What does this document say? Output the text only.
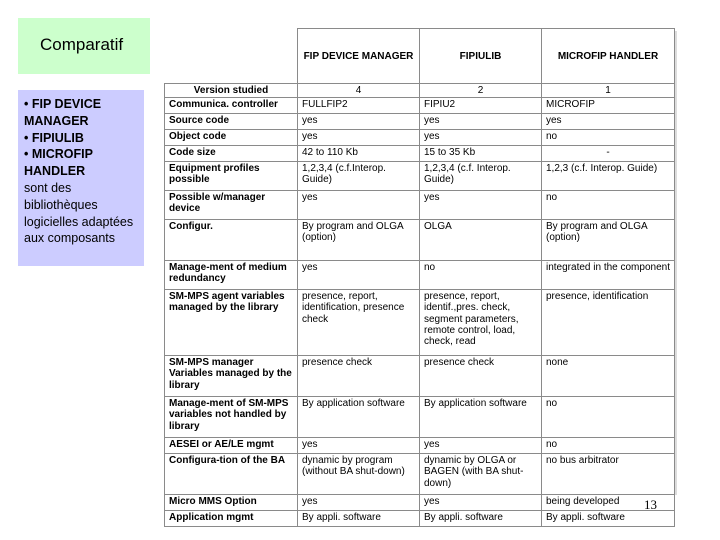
Comparatif
• FIP DEVICE MANAGER
• FIPIULIB
• MICROFIP HANDLER
sont des bibliothèques logicielles adaptées aux composants
	FIP DEVICE MANAGER	FIPIULIB	MICROFIP HANDLER
Version studied	4	2	1
Communica. controller	FULLFIP2	FIPIU2	MICROFIP
Source code	yes	yes	yes
Object code	yes	yes	no
Code size	42 to 110 Kb	15 to 35 Kb	-
Equipment profiles possible	1,2,3,4 (c.f.Interop. Guide)	1,2,3,4 (c.f. Interop. Guide)	1,2,3 (c.f. Interop. Guide)
Possible w/manager device	yes	yes	no
Configur.	By program and OLGA (option)	OLGA	By program and OLGA (option)
Manage-ment of medium redundancy	yes	no	integrated in the component
SM-MPS agent variables managed by the library	presence, report, identification, presence check	presence, report, identif.,pres. check, segment parameters, remote control, load, check, read	presence, identification
SM-MPS manager Variables managed by the library	presence check	presence check	none
Manage-ment of SM-MPS variables not handled by library	By application software	By application software	no
AESEI or AE/LE mgmt	yes	yes	no
Configura-tion of the BA	dynamic by program (without BA shut-down)	dynamic by OLGA or BAGEN (with BA shut-down)	no bus arbitrator
Micro MMS Option	yes	yes	being developed
Application mgmt	By appli. software	By appli. software	By appli. software
13
